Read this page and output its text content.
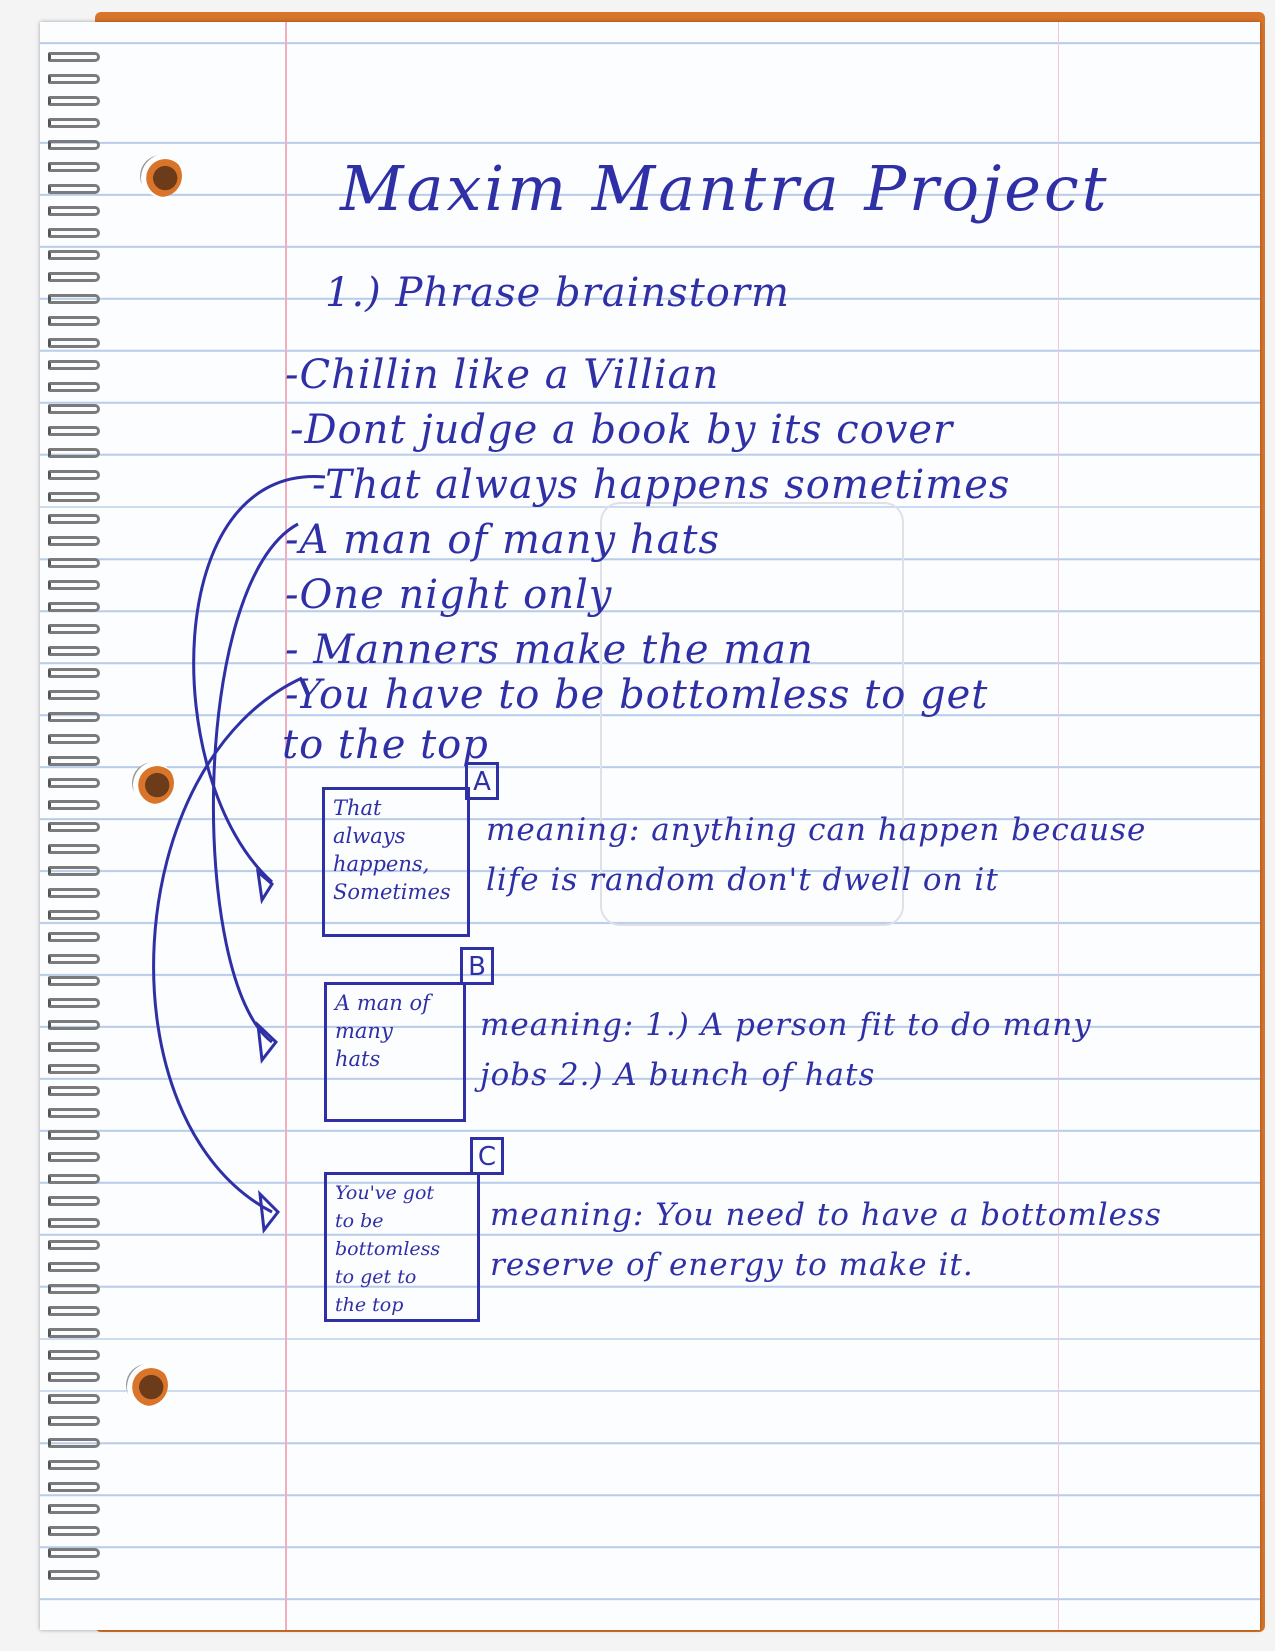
Maxim Mantra Project
1.) Phrase brainstorm
-Chillin like a Villian
-Dont judge a book by its cover
-That always happens sometimes
-A man of many hats
-One night only
- Manners make the man
-You have to be bottomless to get
to the top
A
That
always
happens,
Sometimes
meaning: anything can happen because
life is random don't dwell on it
B
A man of
many
hats
meaning: 1.) A person fit to do many
jobs 2.) A bunch of hats
C
You've got
to be bottomless
to get to
the top
meaning: You need to have a bottomless
reserve of energy to make it.
